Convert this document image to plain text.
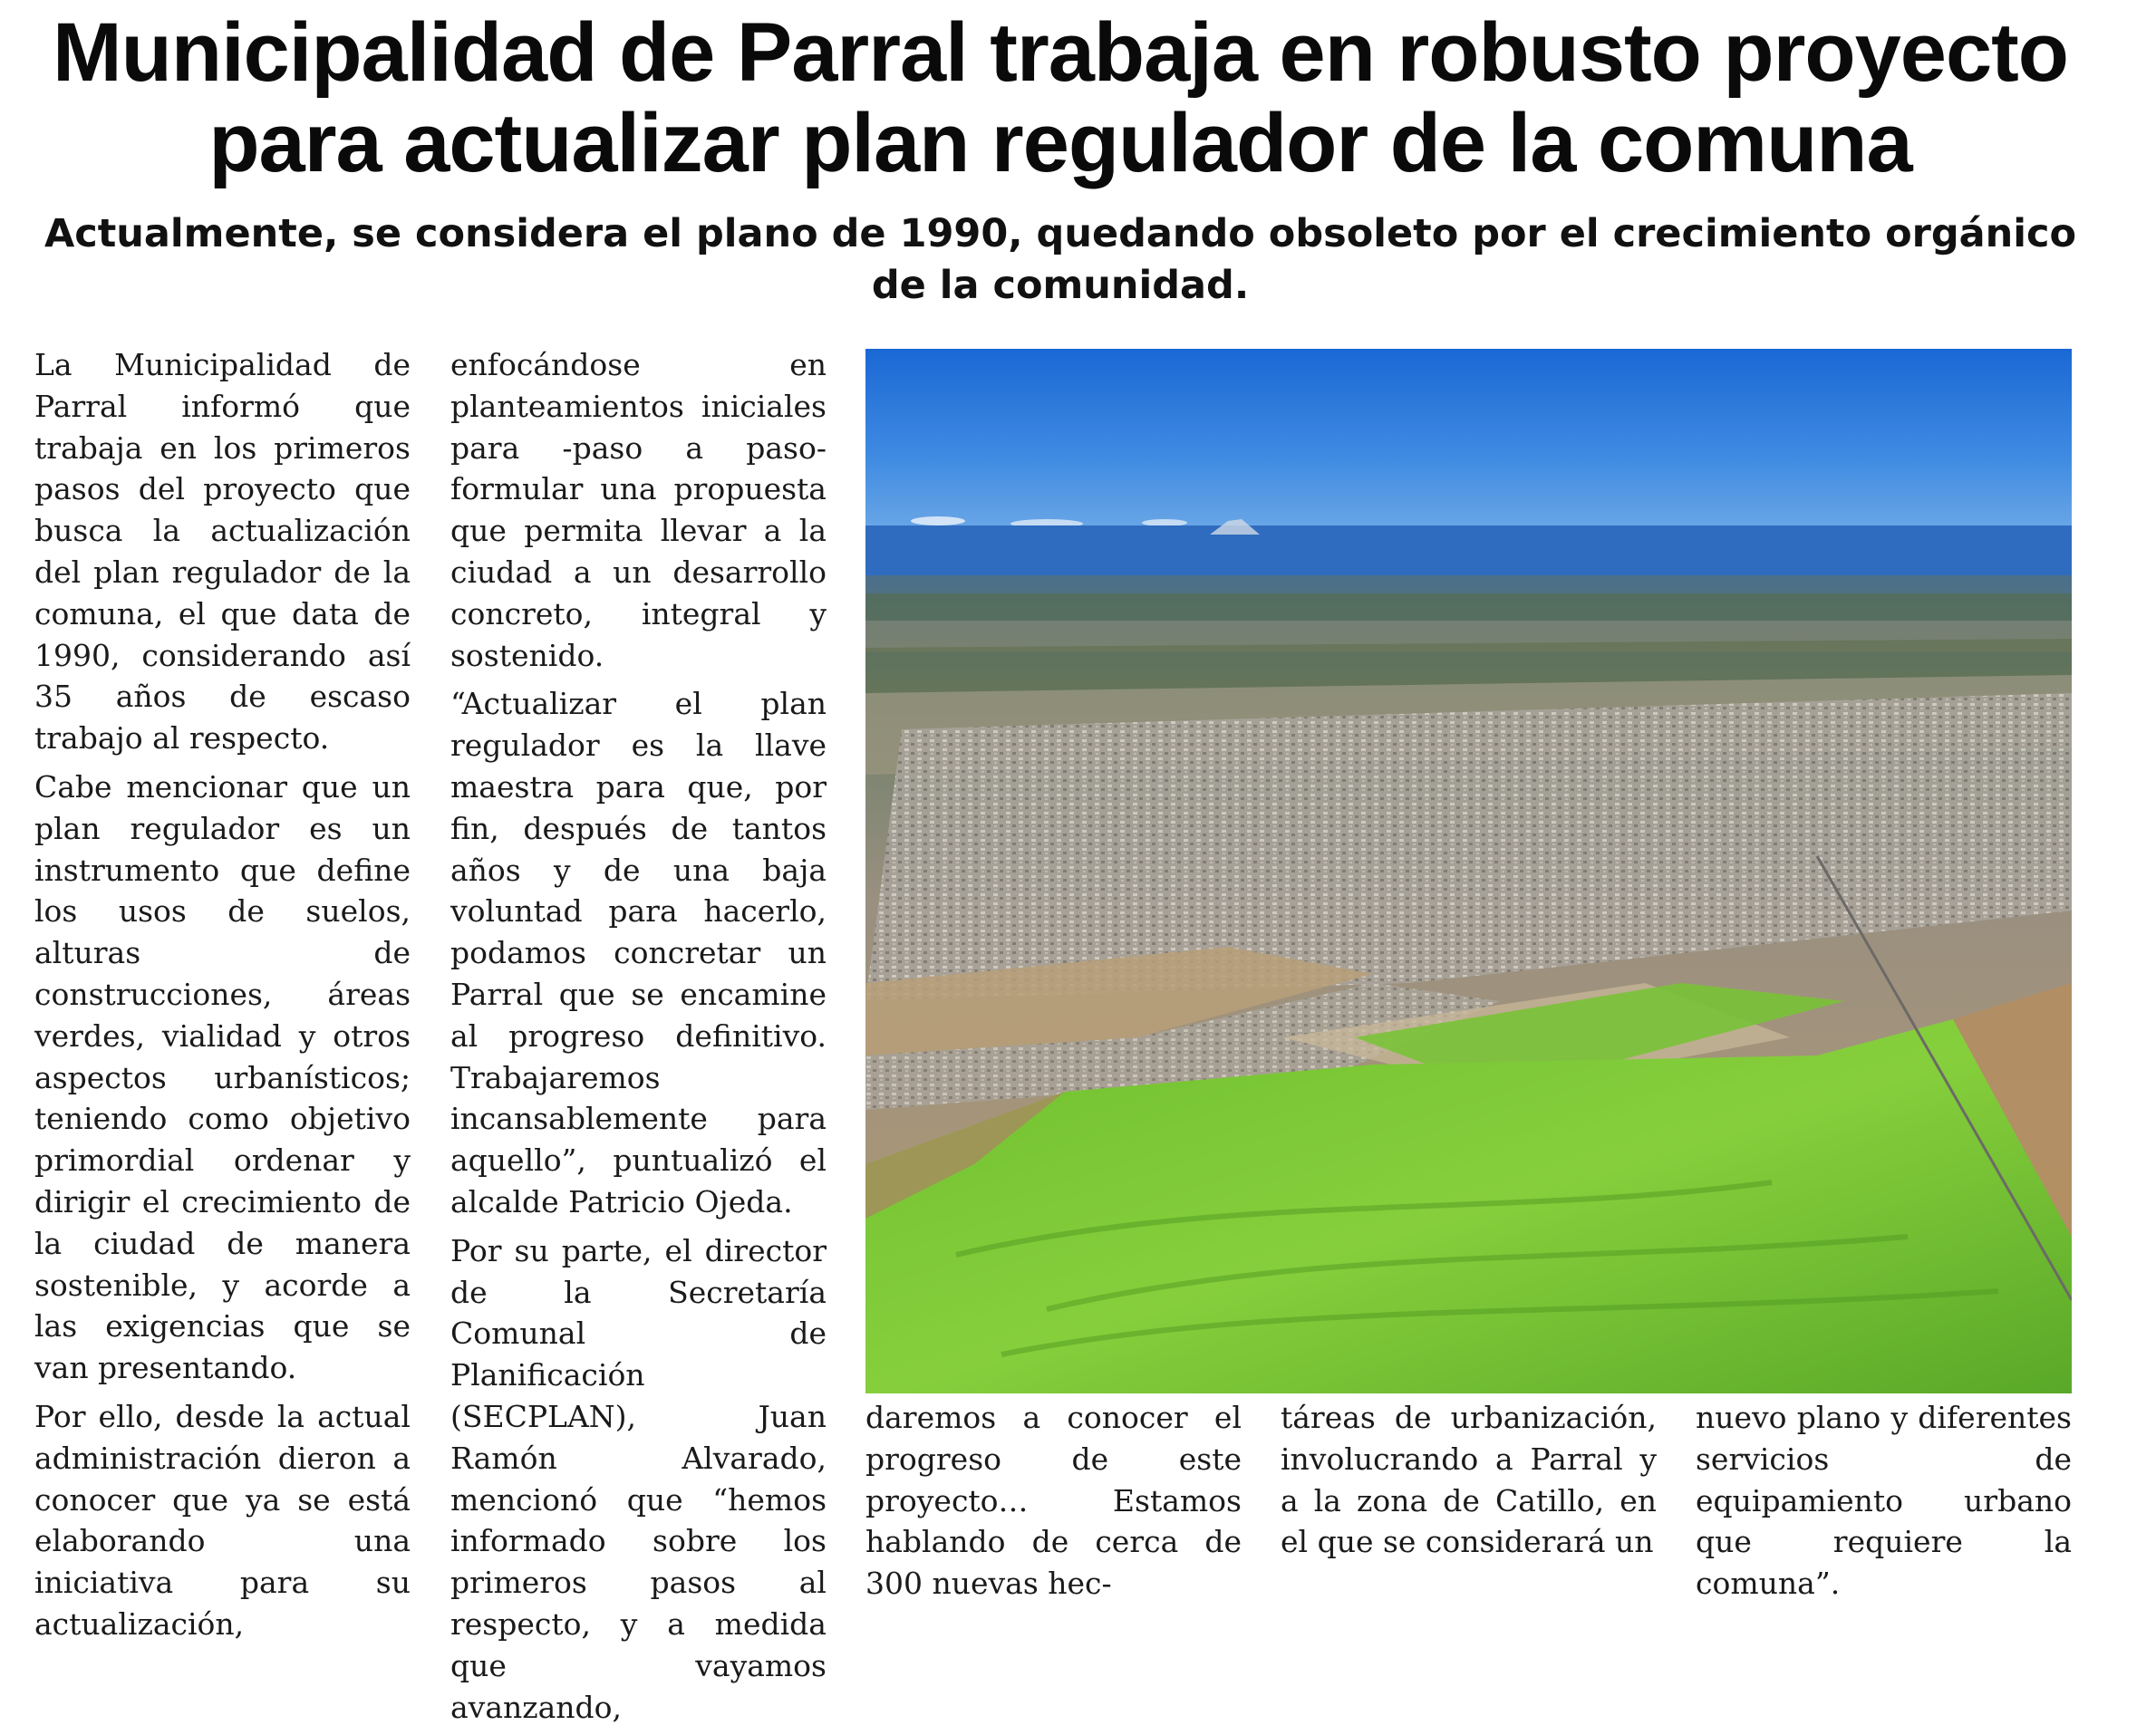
Municipalidad de Parral trabaja en robusto proyecto para actualizar plan regulador de la comuna
Actualmente, se considera el plano de 1990, quedando obsoleto por el crecimiento orgánico de la comunidad.

La Municipalidad de Parral informó que trabaja en los primeros pasos del proyecto que busca la actualización del plan regulador de la comuna, el que data de 1990, considerando así 35 años de escaso trabajo al respecto.

Cabe mencionar que un plan regulador es un instrumento que define los usos de suelos, alturas de construcciones, áreas verdes, vialidad y otros aspectos urbanísticos; teniendo como objetivo primordial ordenar y dirigir el crecimiento de la ciudad de manera sostenible, y acorde a las exigencias que se van presentando.

Por ello, desde la actual administración dieron a conocer que ya se está elaborando una iniciativa para su actualización,

enfocándose en planteamientos iniciales para -paso a paso- formular una propuesta que permita llevar a la ciudad a un desarrollo concreto, integral y sostenido.

“Actualizar el plan regulador es la llave maestra para que, por fin, después de tantos años y de una baja voluntad para hacerlo, podamos concretar un Parral que se encamine al progreso definitivo. Trabajaremos incansablemente para aquello”, puntualizó el alcalde Patricio Ojeda.

Por su parte, el director de la Secretaría Comunal de Planificación (SECPLAN), Juan Ramón Alvarado, mencionó que “hemos informado sobre los primeros pasos al respecto, y a medida que vayamos avanzando,

daremos a conocer el progreso de este proyecto… Estamos hablando de cerca de 300 nuevas hec-

táreas de urbanización, involucrando a Parral y a la zona de Catillo, en el que se considerará un

nuevo plano y diferentes servicios de equipamiento urbano que requiere la comuna”.
